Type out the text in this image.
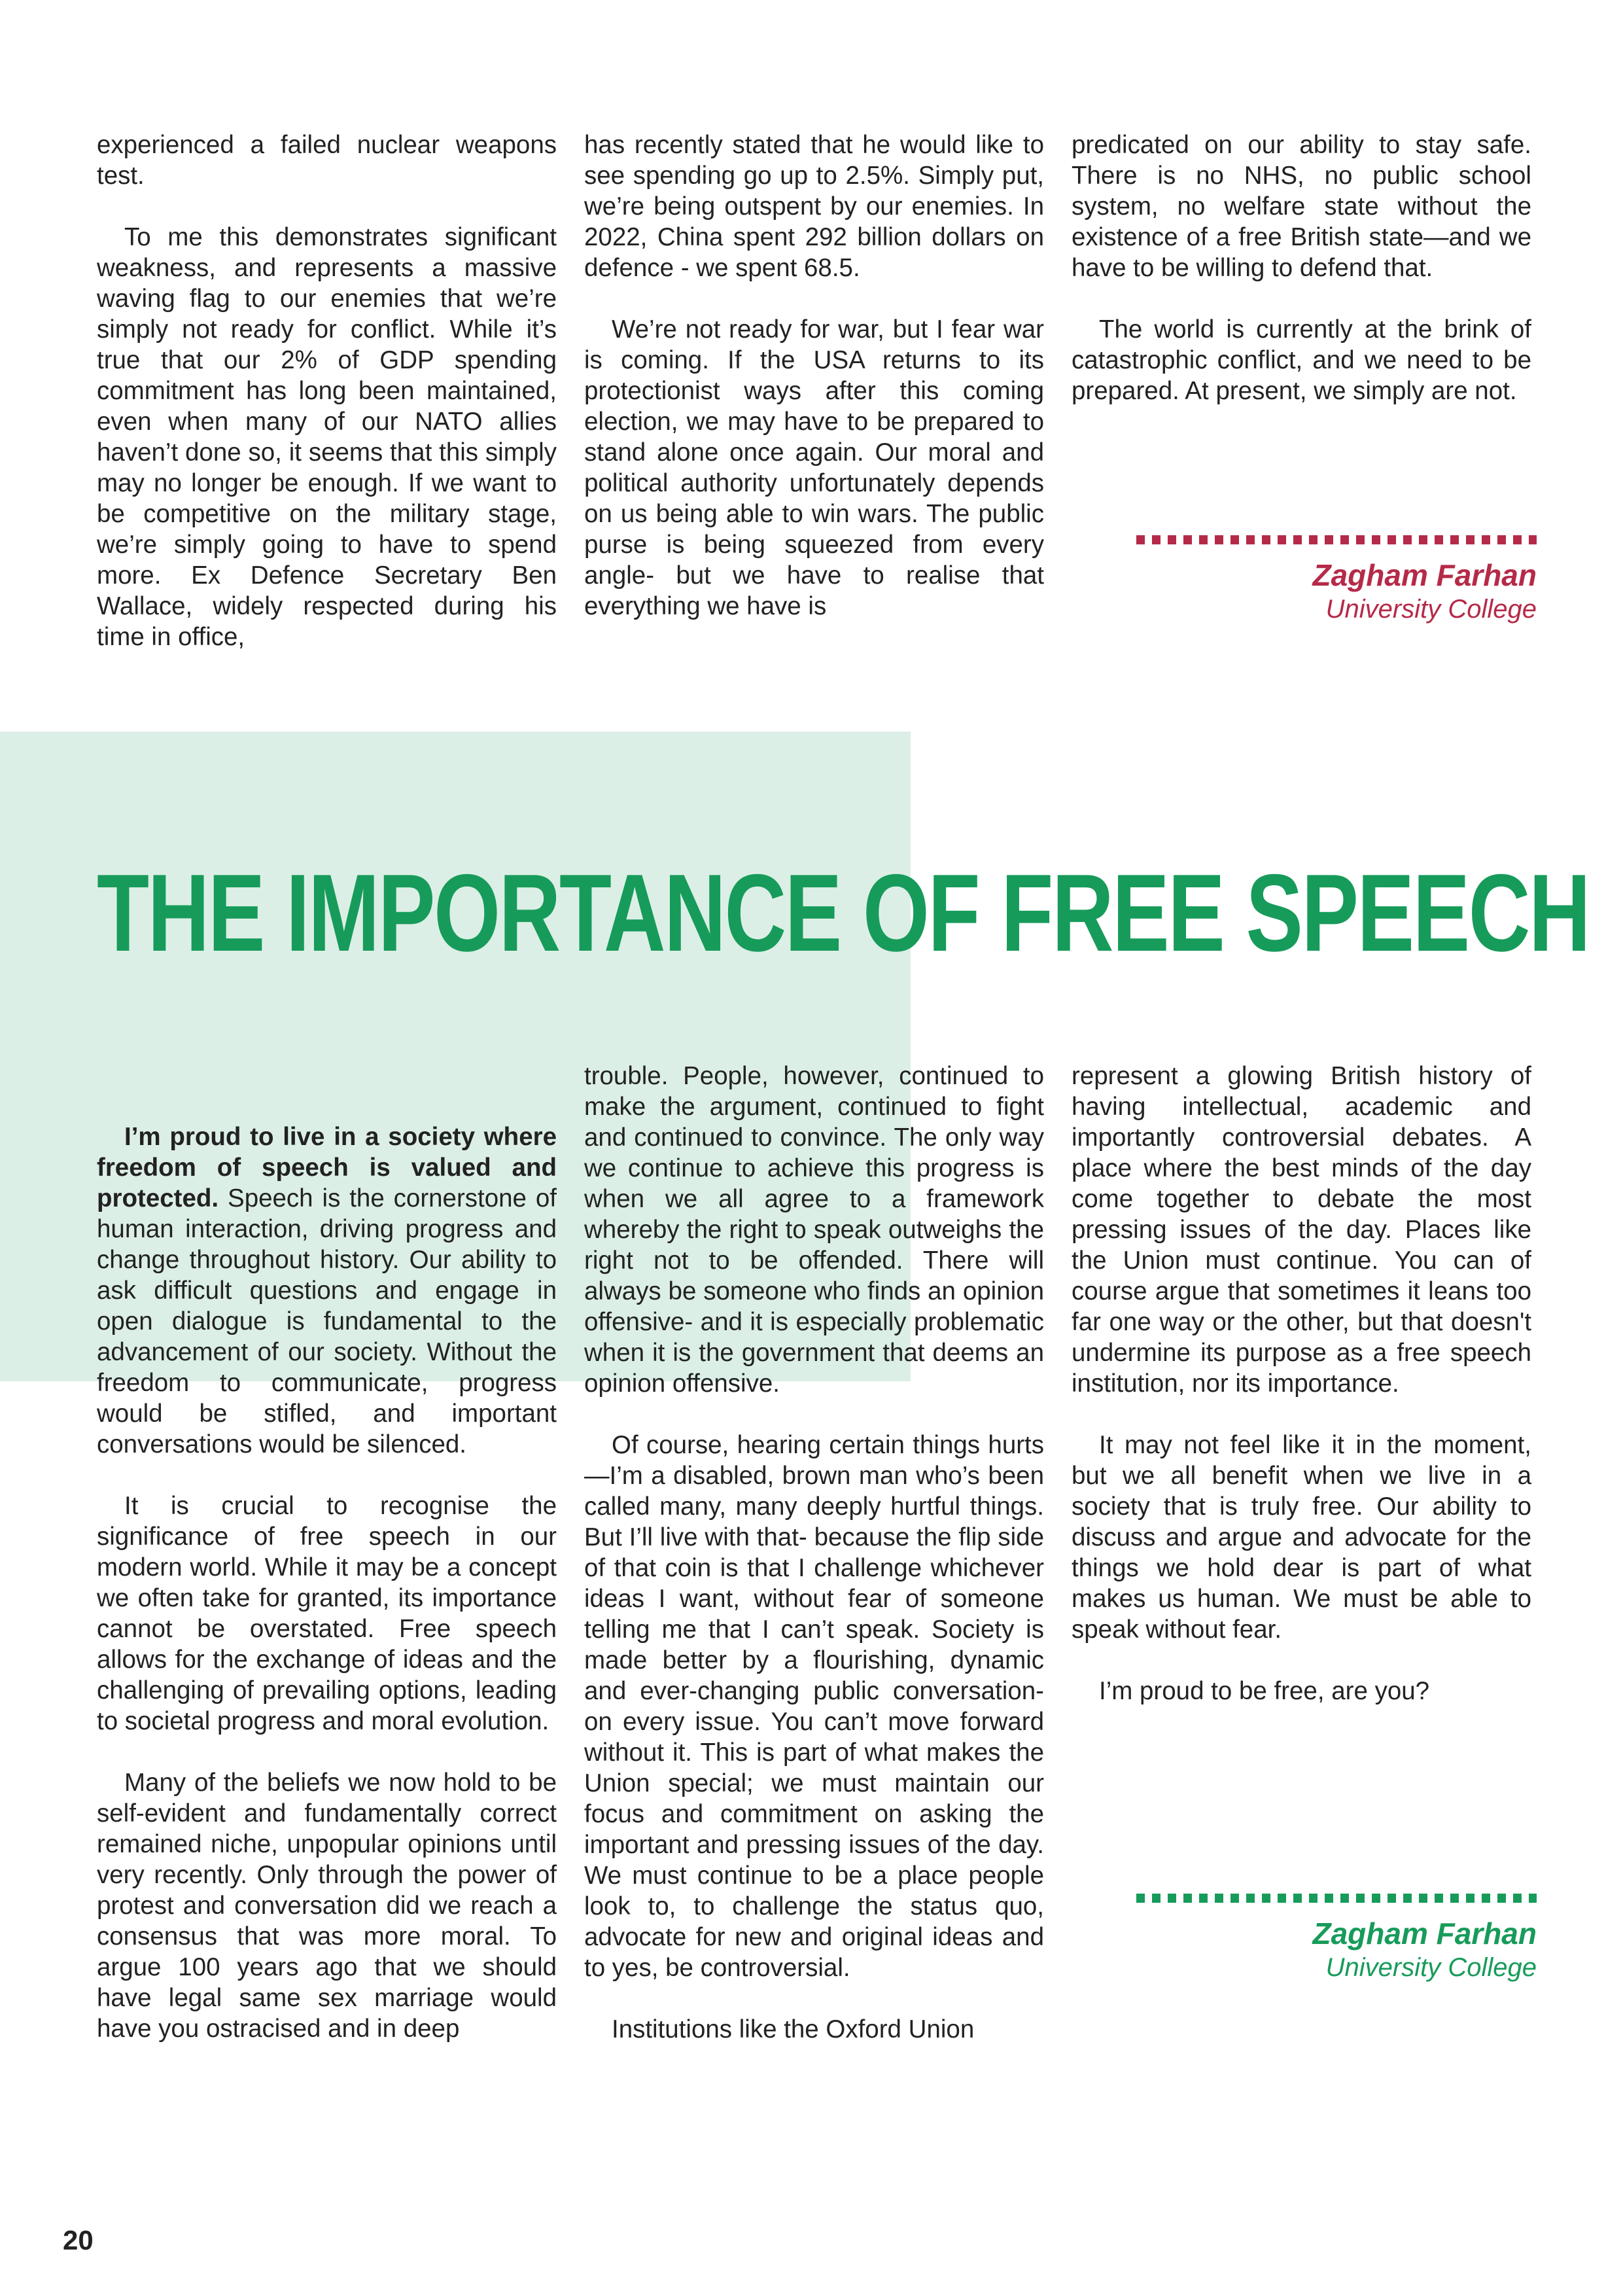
experienced a failed nuclear weapons test.

To me this demonstrates significant weakness, and represents a massive waving flag to our enemies that we’re simply not ready for conflict. While it’s true that our 2% of GDP spending commitment has long been maintained, even when many of our NATO allies haven’t done so, it seems that this simply may no longer be enough. If we want to be competitive on the military stage, we’re simply going to have to spend more. Ex Defence Secretary Ben Wallace, widely respected during his time in office,

has recently stated that he would like to see spending go up to 2.5%. Simply put, we’re being outspent by our enemies. In 2022, China spent 292 billion dollars on defence - we spent 68.5.

We’re not ready for war, but I fear war is coming. If the USA returns to its protectionist ways after this coming election, we may have to be prepared to stand alone once again. Our moral and political authority unfortunately depends on us being able to win wars. The public purse is being squeezed from every angle- but we have to realise that everything we have is

predicated on our ability to stay safe. There is no NHS, no public school system, no welfare state without the existence of a free British state—and we have to be willing to defend that.

The world is currently at the brink of catastrophic conflict, and we need to be prepared. At present, we simply are not.

Zagham Farhan
University College
THE IMPORTANCE OF FREE SPEECH

I’m proud to live in a society where freedom of speech is valued and protected. Speech is the cornerstone of human interaction, driving progress and change throughout history. Our ability to ask difficult questions and engage in open dialogue is fundamental to the advancement of our society. Without the freedom to communicate, progress would be stifled, and important conversations would be silenced.

It is crucial to recognise the significance of free speech in our modern world. While it may be a concept we often take for granted, its importance cannot be overstated. Free speech allows for the exchange of ideas and the challenging of prevailing options, leading to societal progress and moral evolution.

Many of the beliefs we now hold to be self-evident and fundamentally correct remained niche, unpopular opinions until very recently. Only through the power of protest and conversation did we reach a consensus that was more moral. To argue 100 years ago that we should have legal same sex marriage would have you ostracised and in deep

trouble. People, however, continued to make the argument, continued to fight and continued to convince. The only way we continue to achieve this progress is when we all agree to a framework whereby the right to speak outweighs the right not to be offended. There will always be someone who finds an opinion offensive- and it is especially problematic when it is the government that deems an opinion offensive.

Of course, hearing certain things hurts—I’m a disabled, brown man who’s been called many, many deeply hurtful things. But I’ll live with that- because the flip side of that coin is that I challenge whichever ideas I want, without fear of someone telling me that I can’t speak. Society is made better by a flourishing, dynamic and ever-changing public conversation- on every issue. You can’t move forward without it. This is part of what makes the Union special; we must maintain our focus and commitment on asking the important and pressing issues of the day. We must continue to be a place people look to, to challenge the status quo, advocate for new and original ideas and to yes, be controversial.

Institutions like the Oxford Union

represent a glowing British history of having intellectual, academic and importantly controversial debates. A place where the best minds of the day come together to debate the most pressing issues of the day. Places like the Union must continue. You can of course argue that sometimes it leans too far one way or the other, but that doesn't undermine its purpose as a free speech institution, nor its importance.

It may not feel like it in the moment, but we all benefit when we live in a society that is truly free. Our ability to discuss and argue and advocate for the things we hold dear is part of what makes us human. We must be able to speak without fear.

I’m proud to be free, are you?

Zagham Farhan
University College
20
